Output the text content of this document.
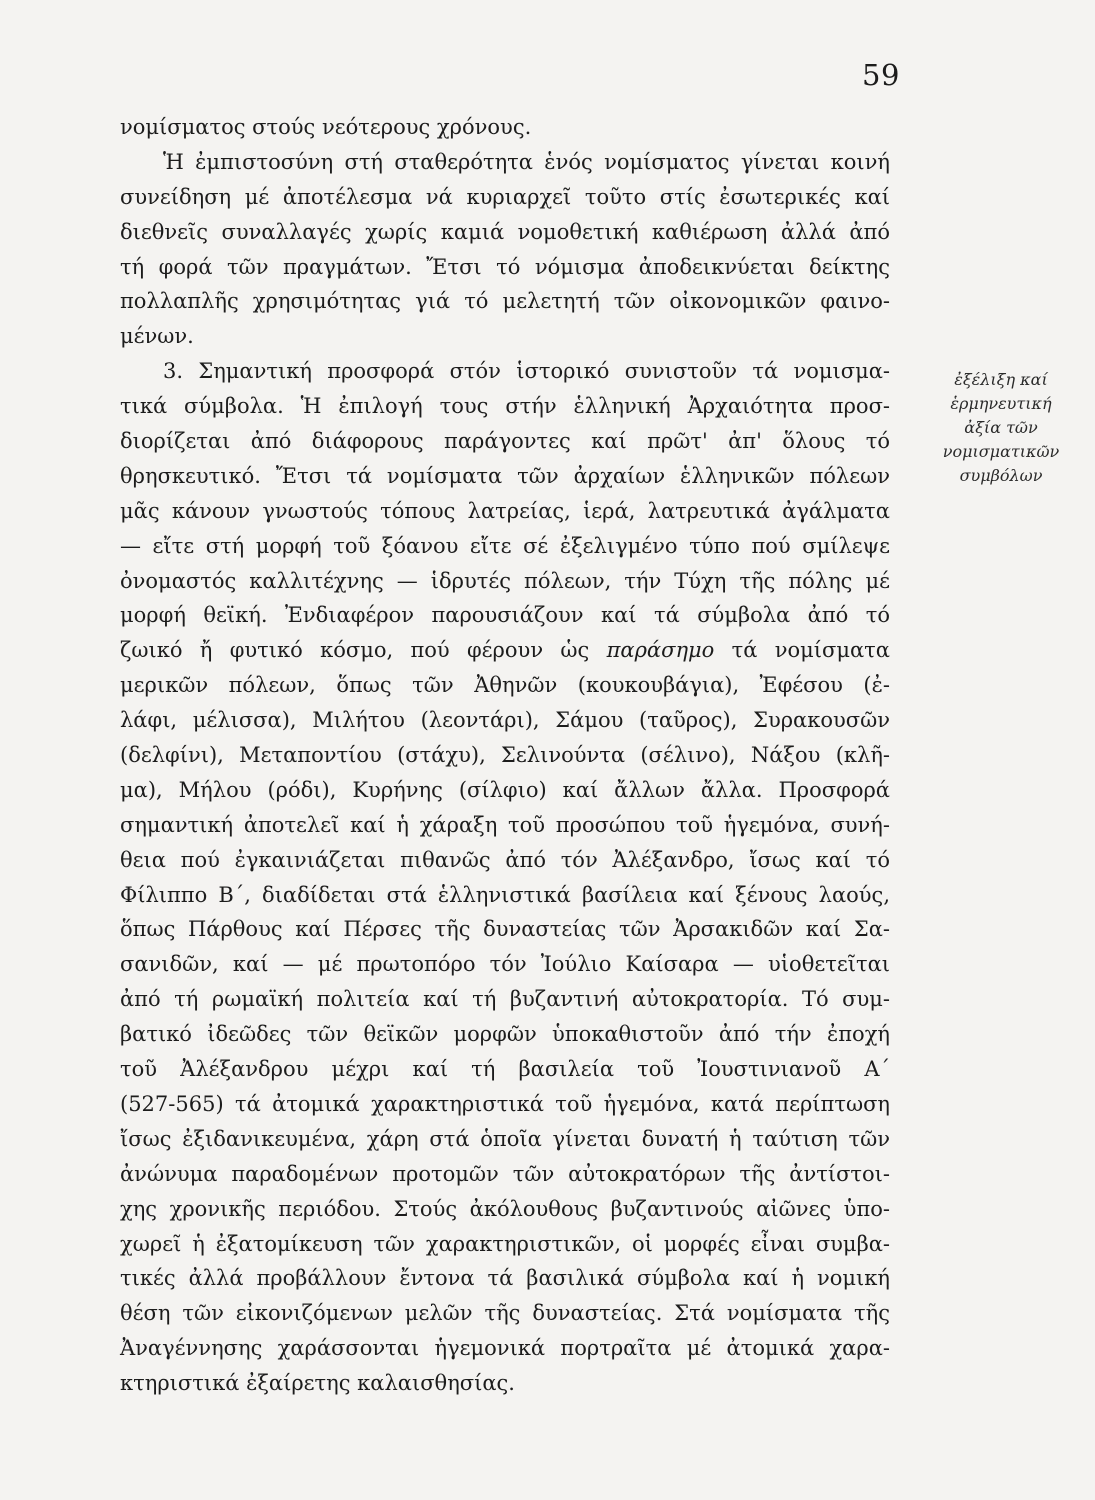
59
νομίσματος στούς νεότερους χρόνους.
Ἡ ἐμπιστοσύνη στή σταθερότητα ἑνός νομίσματος γίνεται κοινή
συνείδηση μέ ἀποτέλεσμα νά κυριαρχεῖ τοῦτο στίς ἐσωτερικές καί
διεθνεῖς συναλλαγές χωρίς καμιά νομοθετική καθιέρωση ἀλλά ἀπό
τή φορά τῶν πραγμάτων. Ἔτσι τό νόμισμα ἀποδεικνύεται δείκτης
πολλαπλῆς χρησιμότητας γιά τό μελετητή τῶν οἰκονομικῶν φαινο-
μένων.
3. Σημαντική προσφορά στόν ἱστορικό συνιστοῦν τά νομισμα-
τικά σύμβολα. Ἡ ἐπιλογή τους στήν ἑλληνική Ἀρχαιότητα προσ-
διορίζεται ἀπό διάφορους παράγοντες καί πρῶτ' ἀπ' ὅλους τό
θρησκευτικό. Ἔτσι τά νομίσματα τῶν ἀρχαίων ἑλληνικῶν πόλεων
μᾶς κάνουν γνωστούς τόπους λατρείας, ἱερά, λατρευτικά ἀγάλματα
— εἴτε στή μορφή τοῦ ξόανου εἴτε σέ ἐξελιγμένο τύπο πού σμίλεψε
ὀνομαστός καλλιτέχνης — ἱδρυτές πόλεων, τήν Τύχη τῆς πόλης μέ
μορφή θεϊκή. Ἐνδιαφέρον παρουσιάζουν καί τά σύμβολα ἀπό τό
ζωικό ἤ φυτικό κόσμο, πού φέρουν ὡς παράσημο τά νομίσματα
μερικῶν πόλεων, ὅπως τῶν Ἀθηνῶν (κουκουβάγια), Ἐφέσου (ἐ-
λάφι, μέλισσα), Μιλήτου (λεοντάρι), Σάμου (ταῦρος), Συρακουσῶν
(δελφίνι), Μεταποντίου (στάχυ), Σελινούντα (σέλινο), Νάξου (κλῆ-
μα), Μήλου (ρόδι), Κυρήνης (σίλφιο) καί ἄλλων ἄλλα. Προσφορά
σημαντική ἀποτελεῖ καί ἡ χάραξη τοῦ προσώπου τοῦ ἡγεμόνα, συνή-
θεια πού ἐγκαινιάζεται πιθανῶς ἀπό τόν Ἀλέξανδρο, ἴσως καί τό
Φίλιππο Β΄, διαδίδεται στά ἑλληνιστικά βασίλεια καί ξένους λαούς,
ὅπως Πάρθους καί Πέρσες τῆς δυναστείας τῶν Ἀρσακιδῶν καί Σα-
σανιδῶν, καί — μέ πρωτοπόρο τόν Ἰούλιο Καίσαρα — υἱοθετεῖται
ἀπό τή ρωμαϊκή πολιτεία καί τή βυζαντινή αὐτοκρατορία. Τό συμ-
βατικό ἰδεῶδες τῶν θεϊκῶν μορφῶν ὑποκαθιστοῦν ἀπό τήν ἐποχή
τοῦ Ἀλέξανδρου μέχρι καί τή βασιλεία τοῦ Ἰουστινιανοῦ Α΄
(527-565) τά ἀτομικά χαρακτηριστικά τοῦ ἡγεμόνα, κατά περίπτωση
ἴσως ἐξιδανικευμένα, χάρη στά ὁποῖα γίνεται δυνατή ἡ ταύτιση τῶν
ἀνώνυμα παραδομένων προτομῶν τῶν αὐτοκρατόρων τῆς ἀντίστοι-
χης χρονικῆς περιόδου. Στούς ἀκόλουθους βυζαντινούς αἰῶνες ὑπο-
χωρεῖ ἡ ἐξατομίκευση τῶν χαρακτηριστικῶν, οἱ μορφές εἶναι συμβα-
τικές ἀλλά προβάλλουν ἔντονα τά βασιλικά σύμβολα καί ἡ νομική
θέση τῶν εἰκονιζόμενων μελῶν τῆς δυναστείας. Στά νομίσματα τῆς
Ἀναγέννησης χαράσσονται ἡγεμονικά πορτραῖτα μέ ἀτομικά χαρα-
κτηριστικά ἐξαίρετης καλαισθησίας.
ἐξέλιξη καί
ἑρμηνευτική
ἀξία τῶν
νομισματικῶν
συμβόλων
